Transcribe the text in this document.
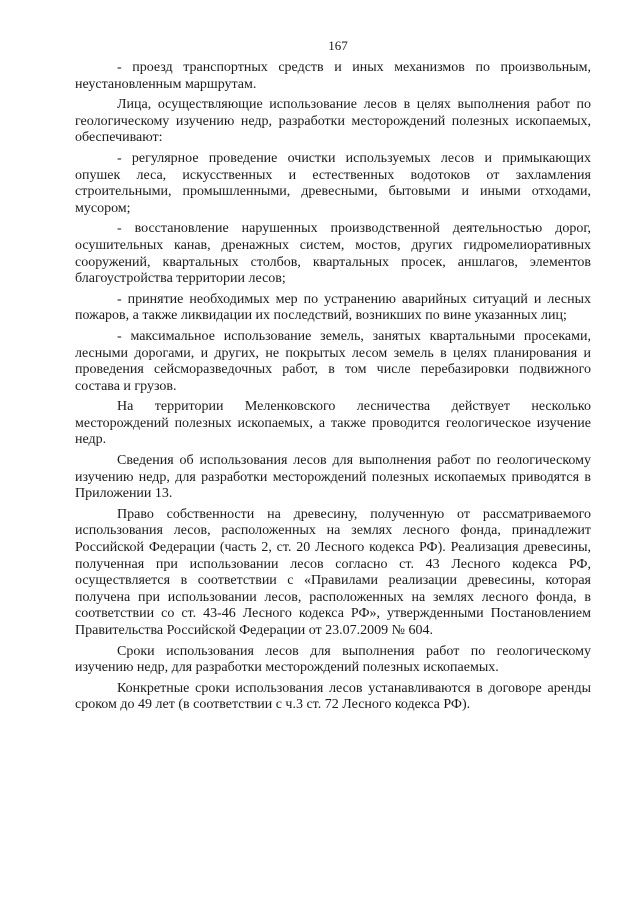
167

- проезд транспортных средств и иных механизмов по произвольным, неустановленным маршрутам.

Лица, осуществляющие использование лесов в целях выполнения работ по геологическому изучению недр, разработки месторождений полезных ископаемых, обеспечивают:

- регулярное проведение очистки используемых лесов и примыкающих опушек леса, искусственных и естественных водотоков от захламления строительными, промышленными, древесными, бытовыми и иными отходами, мусором;

- восстановление нарушенных производственной деятельностью дорог, осушительных канав, дренажных систем, мостов, других гидромелиоративных сооружений, квартальных столбов, квартальных просек, аншлагов, элементов благоустройства территории лесов;

- принятие необходимых мер по устранению аварийных ситуаций и лесных пожаров, а также ликвидации их последствий, возникших по вине указанных лиц;

- максимальное использование земель, занятых квартальными просеками, лесными дорогами, и других, не покрытых лесом земель в целях планирования и проведения сейсморазведочных работ, в том числе перебазировки подвижного состава и грузов.

На территории Меленковского лесничества действует несколько месторождений полезных ископаемых, а также проводится геологическое изучение недр.

Сведения об использования лесов для выполнения работ по геологическому изучению недр, для разработки месторождений полезных ископаемых приводятся в Приложении 13.

Право собственности на древесину, полученную от рассматриваемого использования лесов, расположенных на землях лесного фонда, принадлежит Российской Федерации (часть 2, ст. 20 Лесного кодекса РФ). Реализация древесины, полученная при использовании лесов согласно ст. 43 Лесного кодекса РФ, осуществляется в соответствии с «Правилами реализации древесины, которая получена при использовании лесов, расположенных на землях лесного фонда, в соответствии со ст. 43-46 Лесного кодекса РФ», утвержденными Постановлением Правительства Российской Федерации от 23.07.2009 № 604.

Сроки использования лесов для выполнения работ по геологическому изучению недр, для разработки месторождений полезных ископаемых.

Конкретные сроки использования лесов устанавливаются в договоре аренды сроком до 49 лет (в соответствии с ч.3 ст. 72 Лесного кодекса РФ).
